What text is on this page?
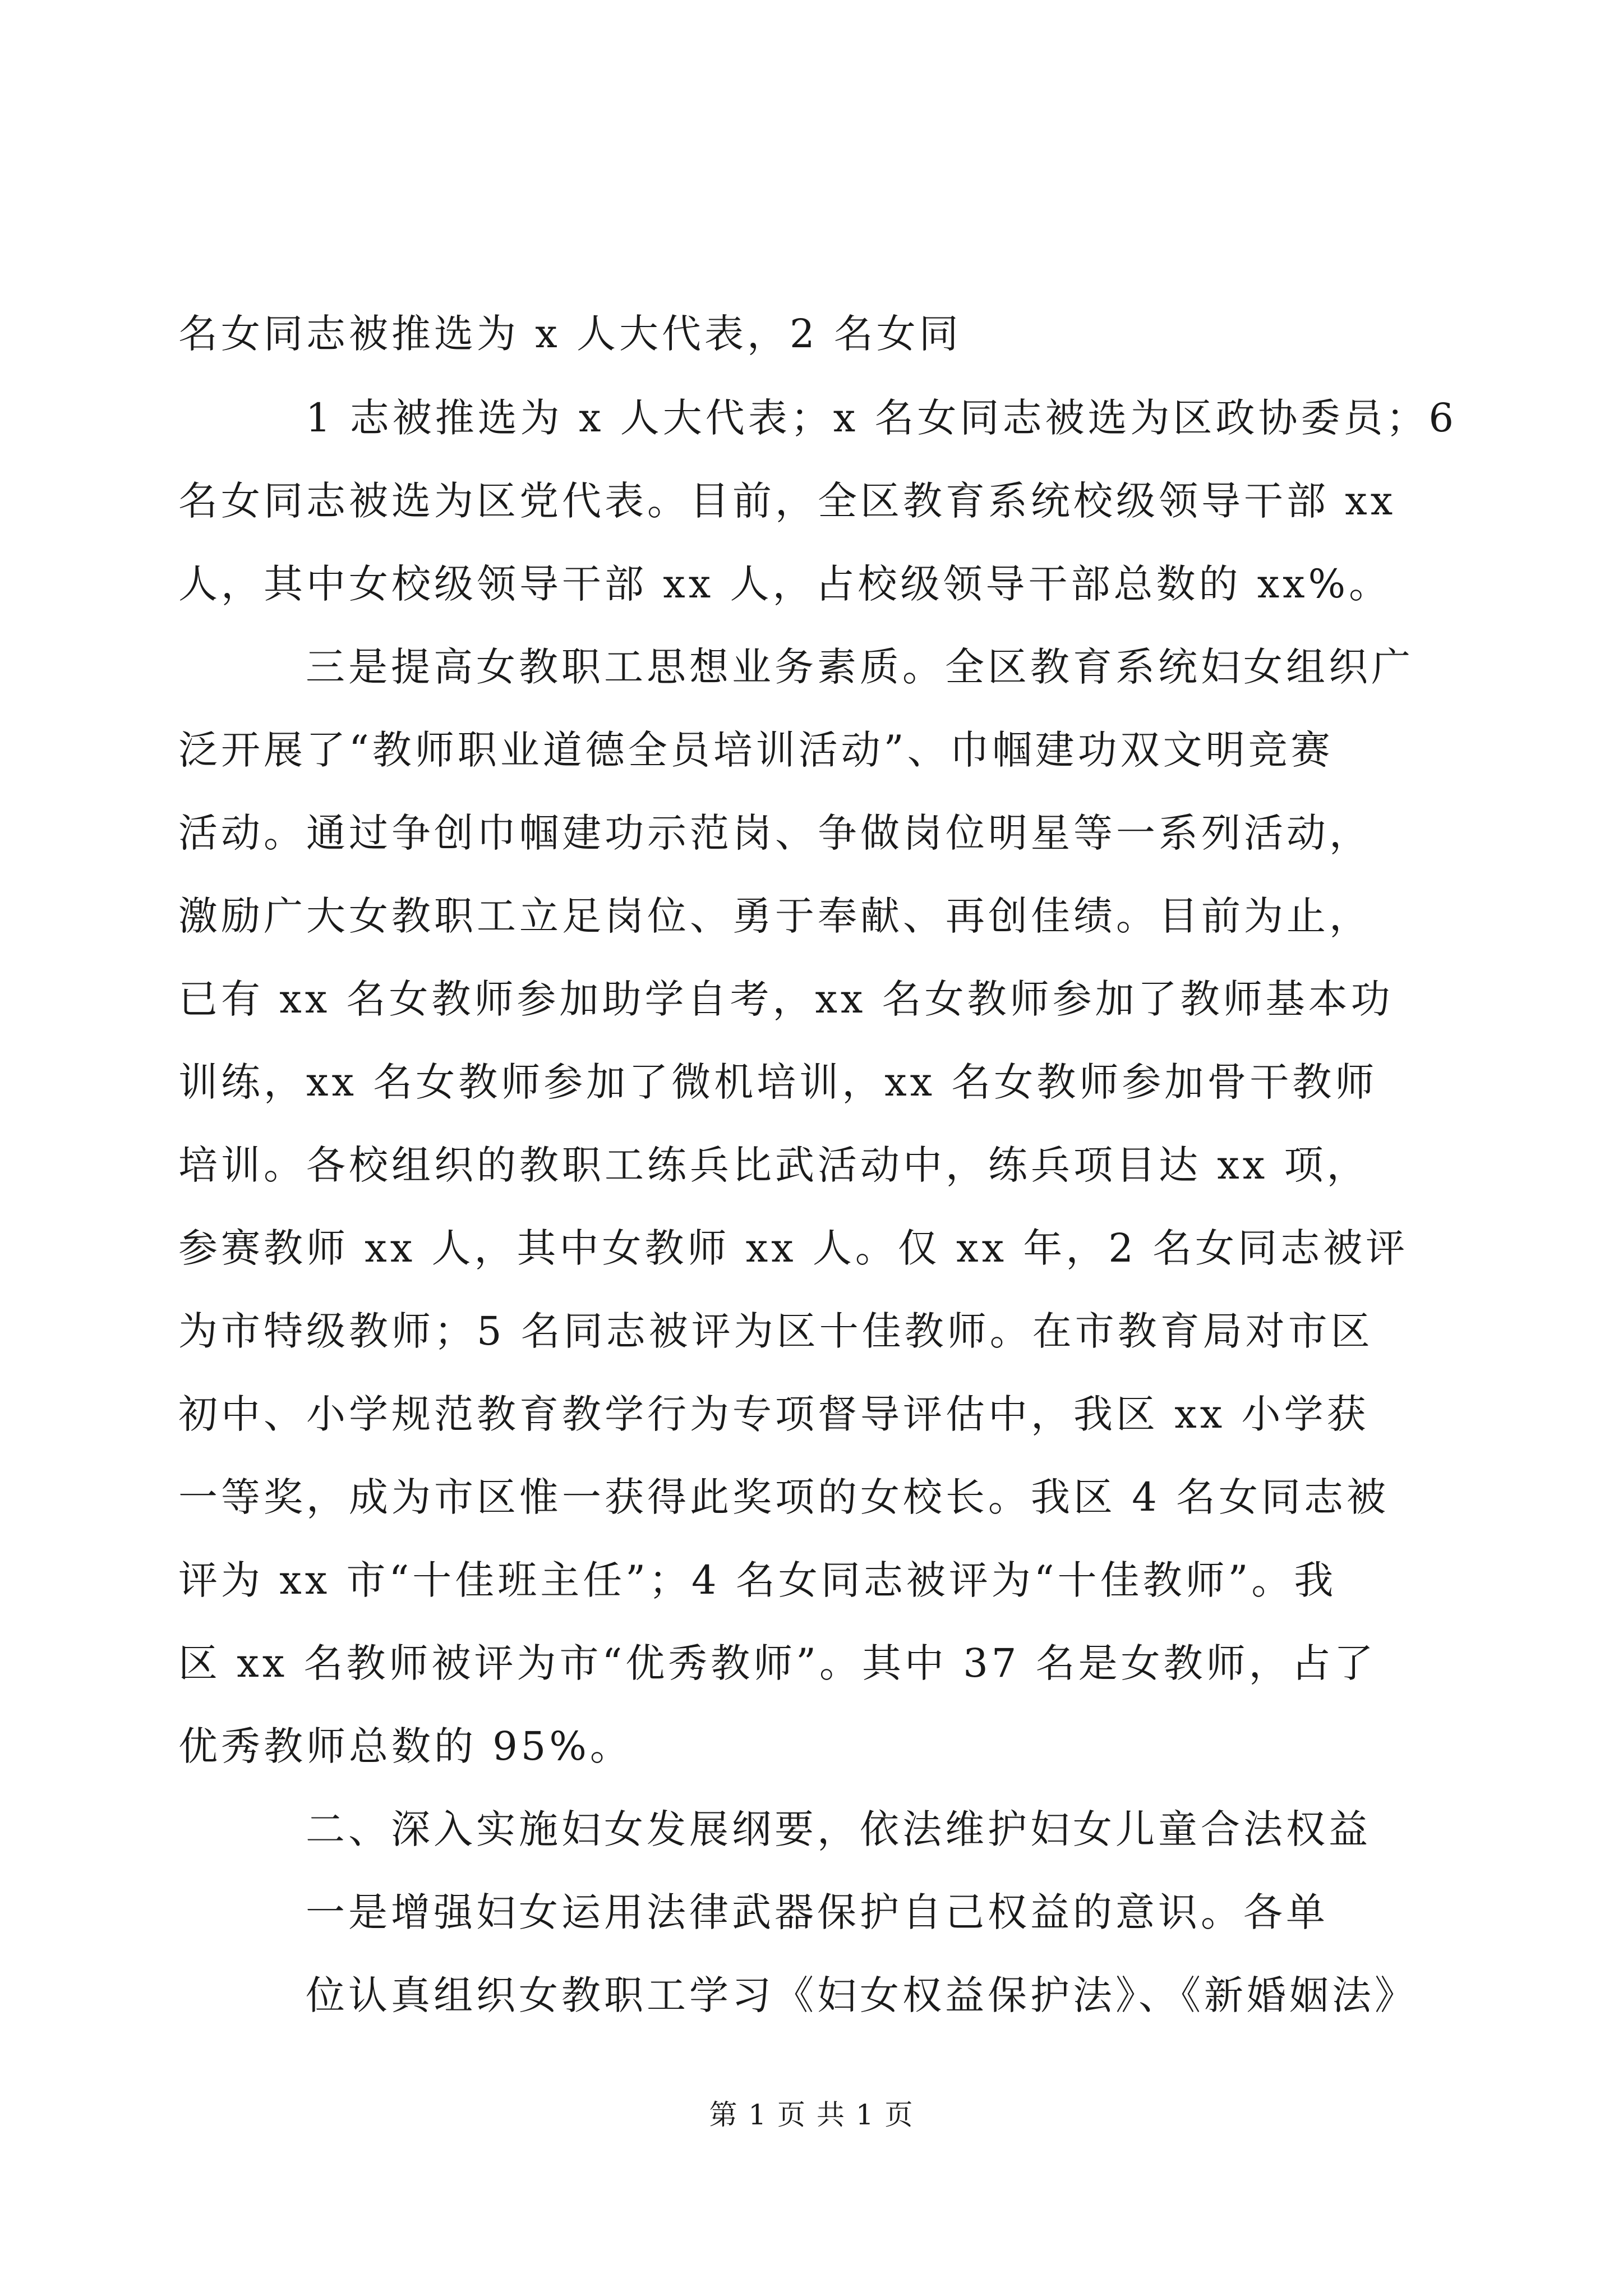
名女同志被推选为 x 人大代表，2 名女同
1 志被推选为 x 人大代表；x 名女同志被选为区政协委员；6
名女同志被选为区党代表。目前，全区教育系统校级领导干部 xx
人，其中女校级领导干部 xx 人，占校级领导干部总数的 xx%。
三是提高女教职工思想业务素质。全区教育系统妇女组织广
泛开展了“教师职业道德全员培训活动”、巾帼建功双文明竞赛
活动。通过争创巾帼建功示范岗、争做岗位明星等一系列活动，
激励广大女教职工立足岗位、勇于奉献、再创佳绩。目前为止，
已有 xx 名女教师参加助学自考，xx 名女教师参加了教师基本功
训练，xx 名女教师参加了微机培训，xx 名女教师参加骨干教师
培训。各校组织的教职工练兵比武活动中，练兵项目达 xx 项，
参赛教师 xx 人，其中女教师 xx 人。仅 xx 年，2 名女同志被评
为市特级教师；5 名同志被评为区十佳教师。在市教育局对市区
初中、小学规范教育教学行为专项督导评估中，我区 xx 小学获
一等奖，成为市区惟一获得此奖项的女校长。我区 4 名女同志被
评为 xx 市“十佳班主任”；4 名女同志被评为“十佳教师”。我
区 xx 名教师被评为市“优秀教师”。其中 37 名是女教师，占了
优秀教师总数的 95%。
二、深入实施妇女发展纲要，依法维护妇女儿童合法权益
一是增强妇女运用法律武器保护自己权益的意识。各单
位认真组织女教职工学习《妇女权益保护法》、《新婚姻法》
第 1 页 共 1 页
